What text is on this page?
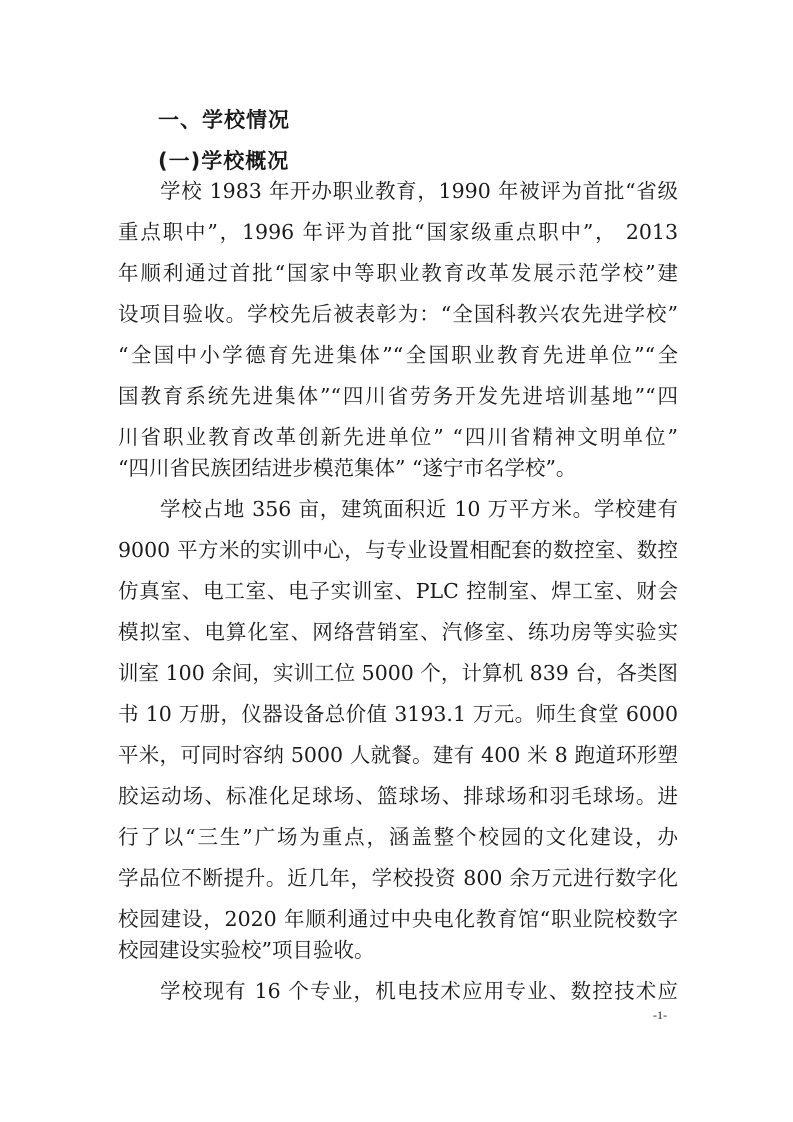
一、学校情况
(一)学校概况
学校 1983 年开办职业教育，1990 年被评为首批“省级
重点职中”，1996 年评为首批“国家级重点职中”， 2013
年顺利通过首批“国家中等职业教育改革发展示范学校”建
设项目验收。学校先后被表彰为：“全国科教兴农先进学校”
“全国中小学德育先进集体”“全国职业教育先进单位”“全
国教育系统先进集体”“四川省劳务开发先进培训基地”“四
川省职业教育改革创新先进单位” “四川省精神文明单位”
“四川省民族团结进步模范集体” “遂宁市名学校”。
学校占地 356 亩，建筑面积近 10 万平方米。学校建有
9000 平方米的实训中心，与专业设置相配套的数控室、数控
仿真室、电工室、电子实训室、PLC 控制室、焊工室、财会
模拟室、电算化室、网络营销室、汽修室、练功房等实验实
训室 100 余间，实训工位 5000 个，计算机 839 台，各类图
书 10 万册，仪器设备总价值 3193.1 万元。师生食堂 6000
平米，可同时容纳 5000 人就餐。建有 400 米 8 跑道环形塑
胶运动场、标准化足球场、篮球场、排球场和羽毛球场。进
行了以“三生”广场为重点，涵盖整个校园的文化建设，办
学品位不断提升。近几年，学校投资 800 余万元进行数字化
校园建设，2020 年顺利通过中央电化教育馆“职业院校数字
校园建设实验校”项目验收。
学校现有 16 个专业，机电技术应用专业、数控技术应
-1-
